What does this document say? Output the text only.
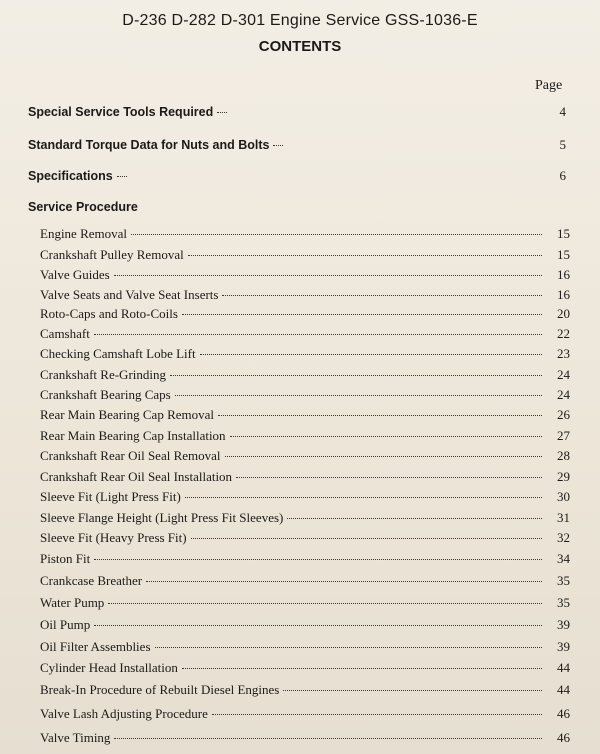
D-236 D-282 D-301 Engine Service GSS-1036-E
CONTENTS
Page
Special Service Tools Required	4
Standard Torque Data for Nuts and Bolts	5
Specifications	6
Service Procedure
Engine Removal	15
Crankshaft Pulley Removal	15
Valve Guides	16
Valve Seats and Valve Seat Inserts	16
Roto-Caps and Roto-Coils	20
Camshaft	22
Checking Camshaft Lobe Lift	23
Crankshaft Re-Grinding	24
Crankshaft Bearing Caps	24
Rear Main Bearing Cap Removal	26
Rear Main Bearing Cap Installation	27
Crankshaft Rear Oil Seal Removal	28
Crankshaft Rear Oil Seal Installation	29
Sleeve Fit (Light Press Fit)	30
Sleeve Flange Height (Light Press Fit Sleeves)	31
Sleeve Fit (Heavy Press Fit)	32
Piston Fit	34
Crankcase Breather	35
Water Pump	35
Oil Pump	39
Oil Filter Assemblies	39
Cylinder Head Installation	44
Break-In Procedure of Rebuilt Diesel Engines	44
Valve Lash Adjusting Procedure	46
Valve Timing	46
